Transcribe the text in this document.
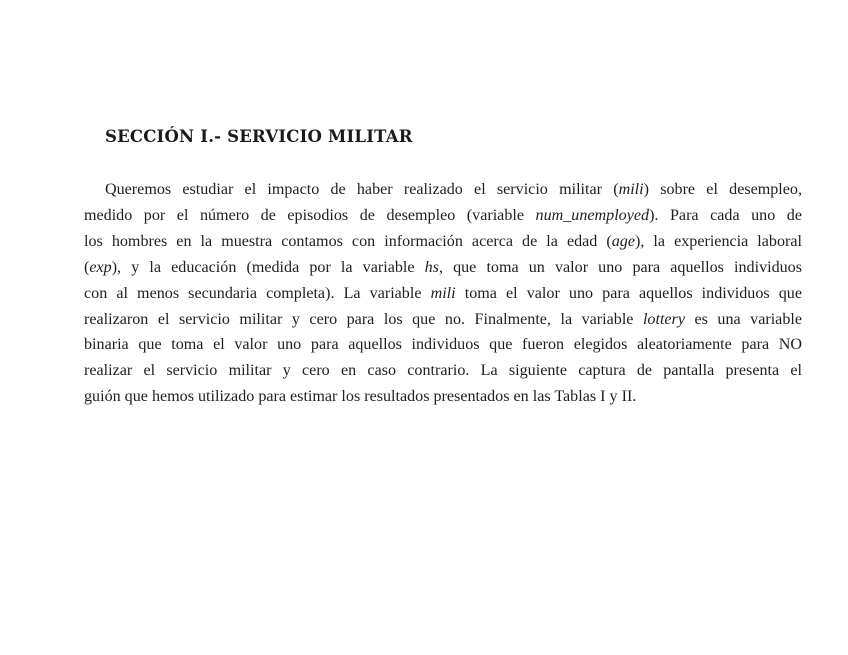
SECCIÓN I.- SERVICIO MILITAR

Queremos estudiar el impacto de haber realizado el servicio militar (mili) sobre el desempleo,
medido por el número de episodios de desempleo (variable num_unemployed). Para cada uno de
los hombres en la muestra contamos con información acerca de la edad (age), la experiencia laboral
(exp), y la educación (medida por la variable hs, que toma un valor uno para aquellos individuos
con al menos secundaria completa). La variable mili toma el valor uno para aquellos individuos que
realizaron el servicio militar y cero para los que no. Finalmente, la variable lottery es una variable
binaria que toma el valor uno para aquellos individuos que fueron elegidos aleatoriamente para NO
realizar el servicio militar y cero en caso contrario. La siguiente captura de pantalla presenta el
guión que hemos utilizado para estimar los resultados presentados en las Tablas I y II.
